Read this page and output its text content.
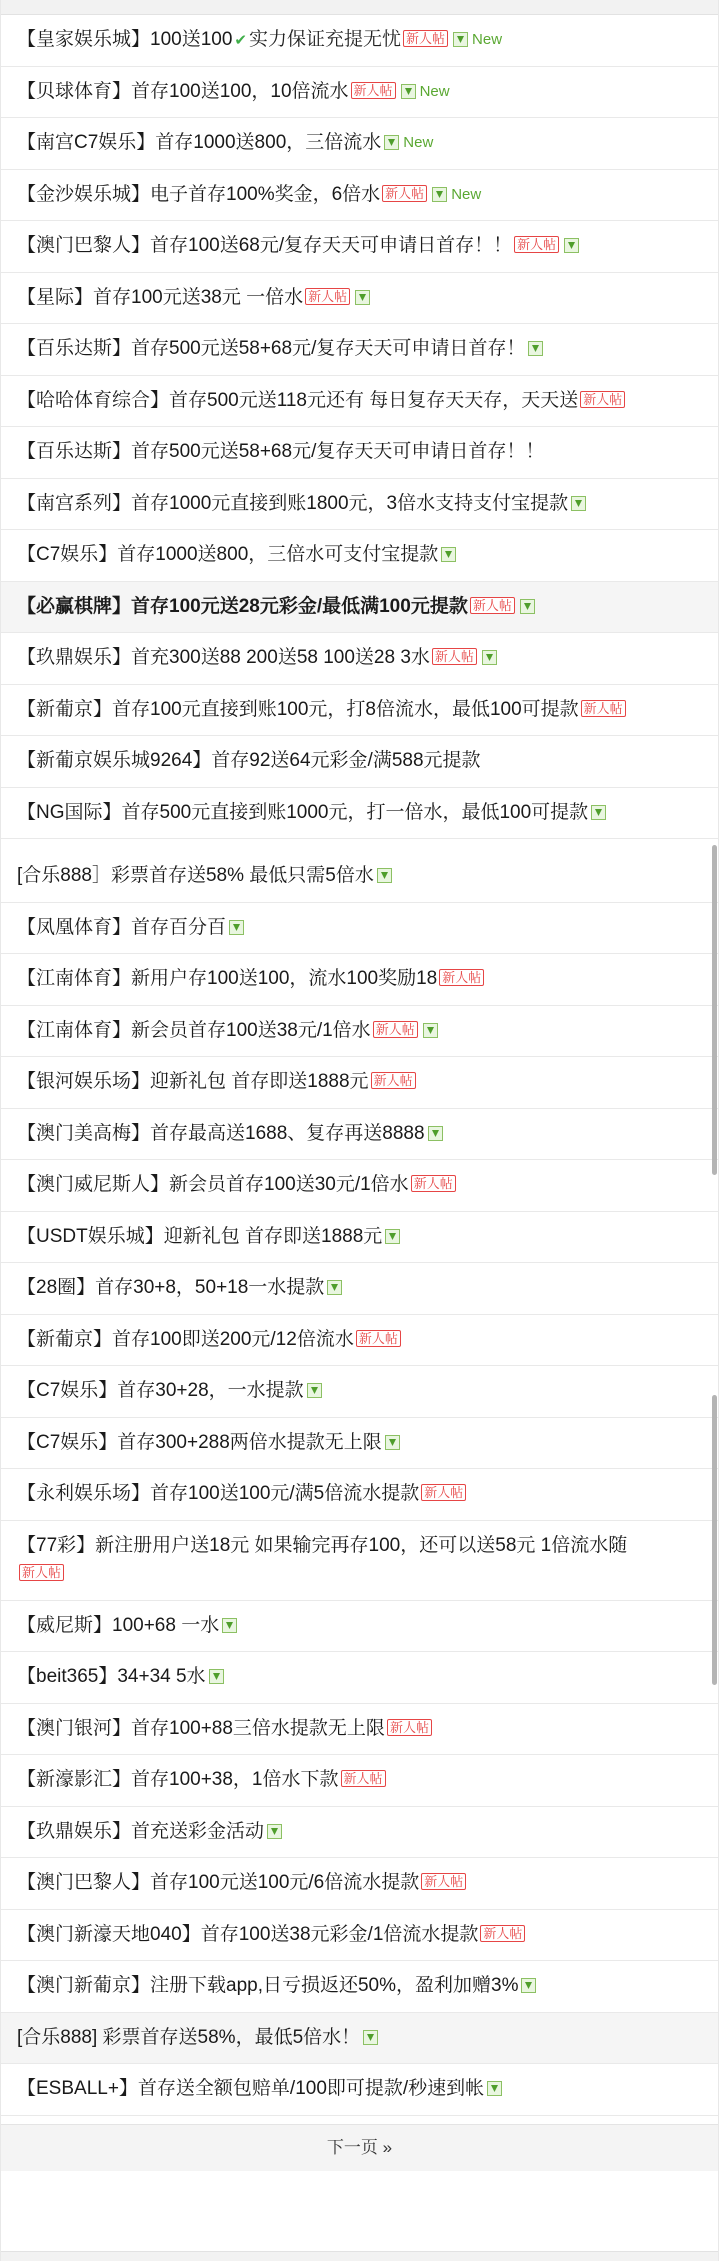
【皇家娱乐城】100送100 ✔ 实力保证充提无忧 新人帖 New
【贝球体育】首存100送100，10倍流水 新人帖 New
【南宫C7娱乐】首存1000送800，三倍流水 New
【金沙娱乐城】电子首存100%奖金，6倍水 新人帖 New
【澳门巴黎人】首存100送68元/复存天天可申请日首存！！ 新人帖
【星际】首存100元送38元 一倍水 新人帖
【百乐达斯】首存500元送58+68元/复存天天可申请日首存！
【哈哈体育综合】首存500元送118元还有 每日复存天天存，天天送 新人帖
【百乐达斯】首存500元送58+68元/复存天天可申请日首存！！
【南宫系列】首存1000元直接到账1800元，3倍水支持支付宝提款
【C7娱乐】首存1000送800，三倍水可支付宝提款
【必赢棋牌】首存100元送28元彩金/最低满100元提款 新人帖
【玖鼎娱乐】首充300送88 200送58 100送28 3水 新人帖
【新葡京】首存100元直接到账100元，打8倍流水，最低100可提款 新人帖
【新葡京娱乐城9264】首存92送64元彩金/满588元提款
【NG国际】首存500元直接到账1000元，打一倍水，最低100可提款
[合乐888］彩票首存送58% 最低只需5倍水
【凤凰体育】首存百分百
【江南体育】新用户存100送100，流水100奖励18 新人帖
【江南体育】新会员首存100送38元/1倍水 新人帖
【银河娱乐场】迎新礼包 首存即送1888元 新人帖
【澳门美高梅】首存最高送1688、复存再送8888
【澳门威尼斯人】新会员首存100送30元/1倍水 新人帖
【USDT娱乐城】迎新礼包 首存即送1888元
【28圈】首存30+8，50+18一水提款
【新葡京】首存100即送200元/12倍流水 新人帖
【C7娱乐】首存30+28，一水提款
【C7娱乐】首存300+288两倍水提款无上限
【永利娱乐场】首存100送100元/满5倍流水提款 新人帖
【77彩】新注册用户送18元 如果输完再存100，还可以送58元 1倍流水随
新人帖
【威尼斯】100+68 一水
【beit365】34+34 5水
【澳门银河】首存100+88三倍水提款无上限 新人帖
【新濠影汇】首存100+38，1倍水下款 新人帖
【玖鼎娱乐】首充送彩金活动
【澳门巴黎人】首存100元送100元/6倍流水提款 新人帖
【澳门新濠天地040】首存100送38元彩金/1倍流水提款 新人帖
【澳门新葡京】注册下载app,日亏损返还50%，盈利加赠3%
[合乐888] 彩票首存送58%，最低5倍水！
【ESBALL+】首存送全额包赔单/100即可提款/秒速到帐
下一页 »
